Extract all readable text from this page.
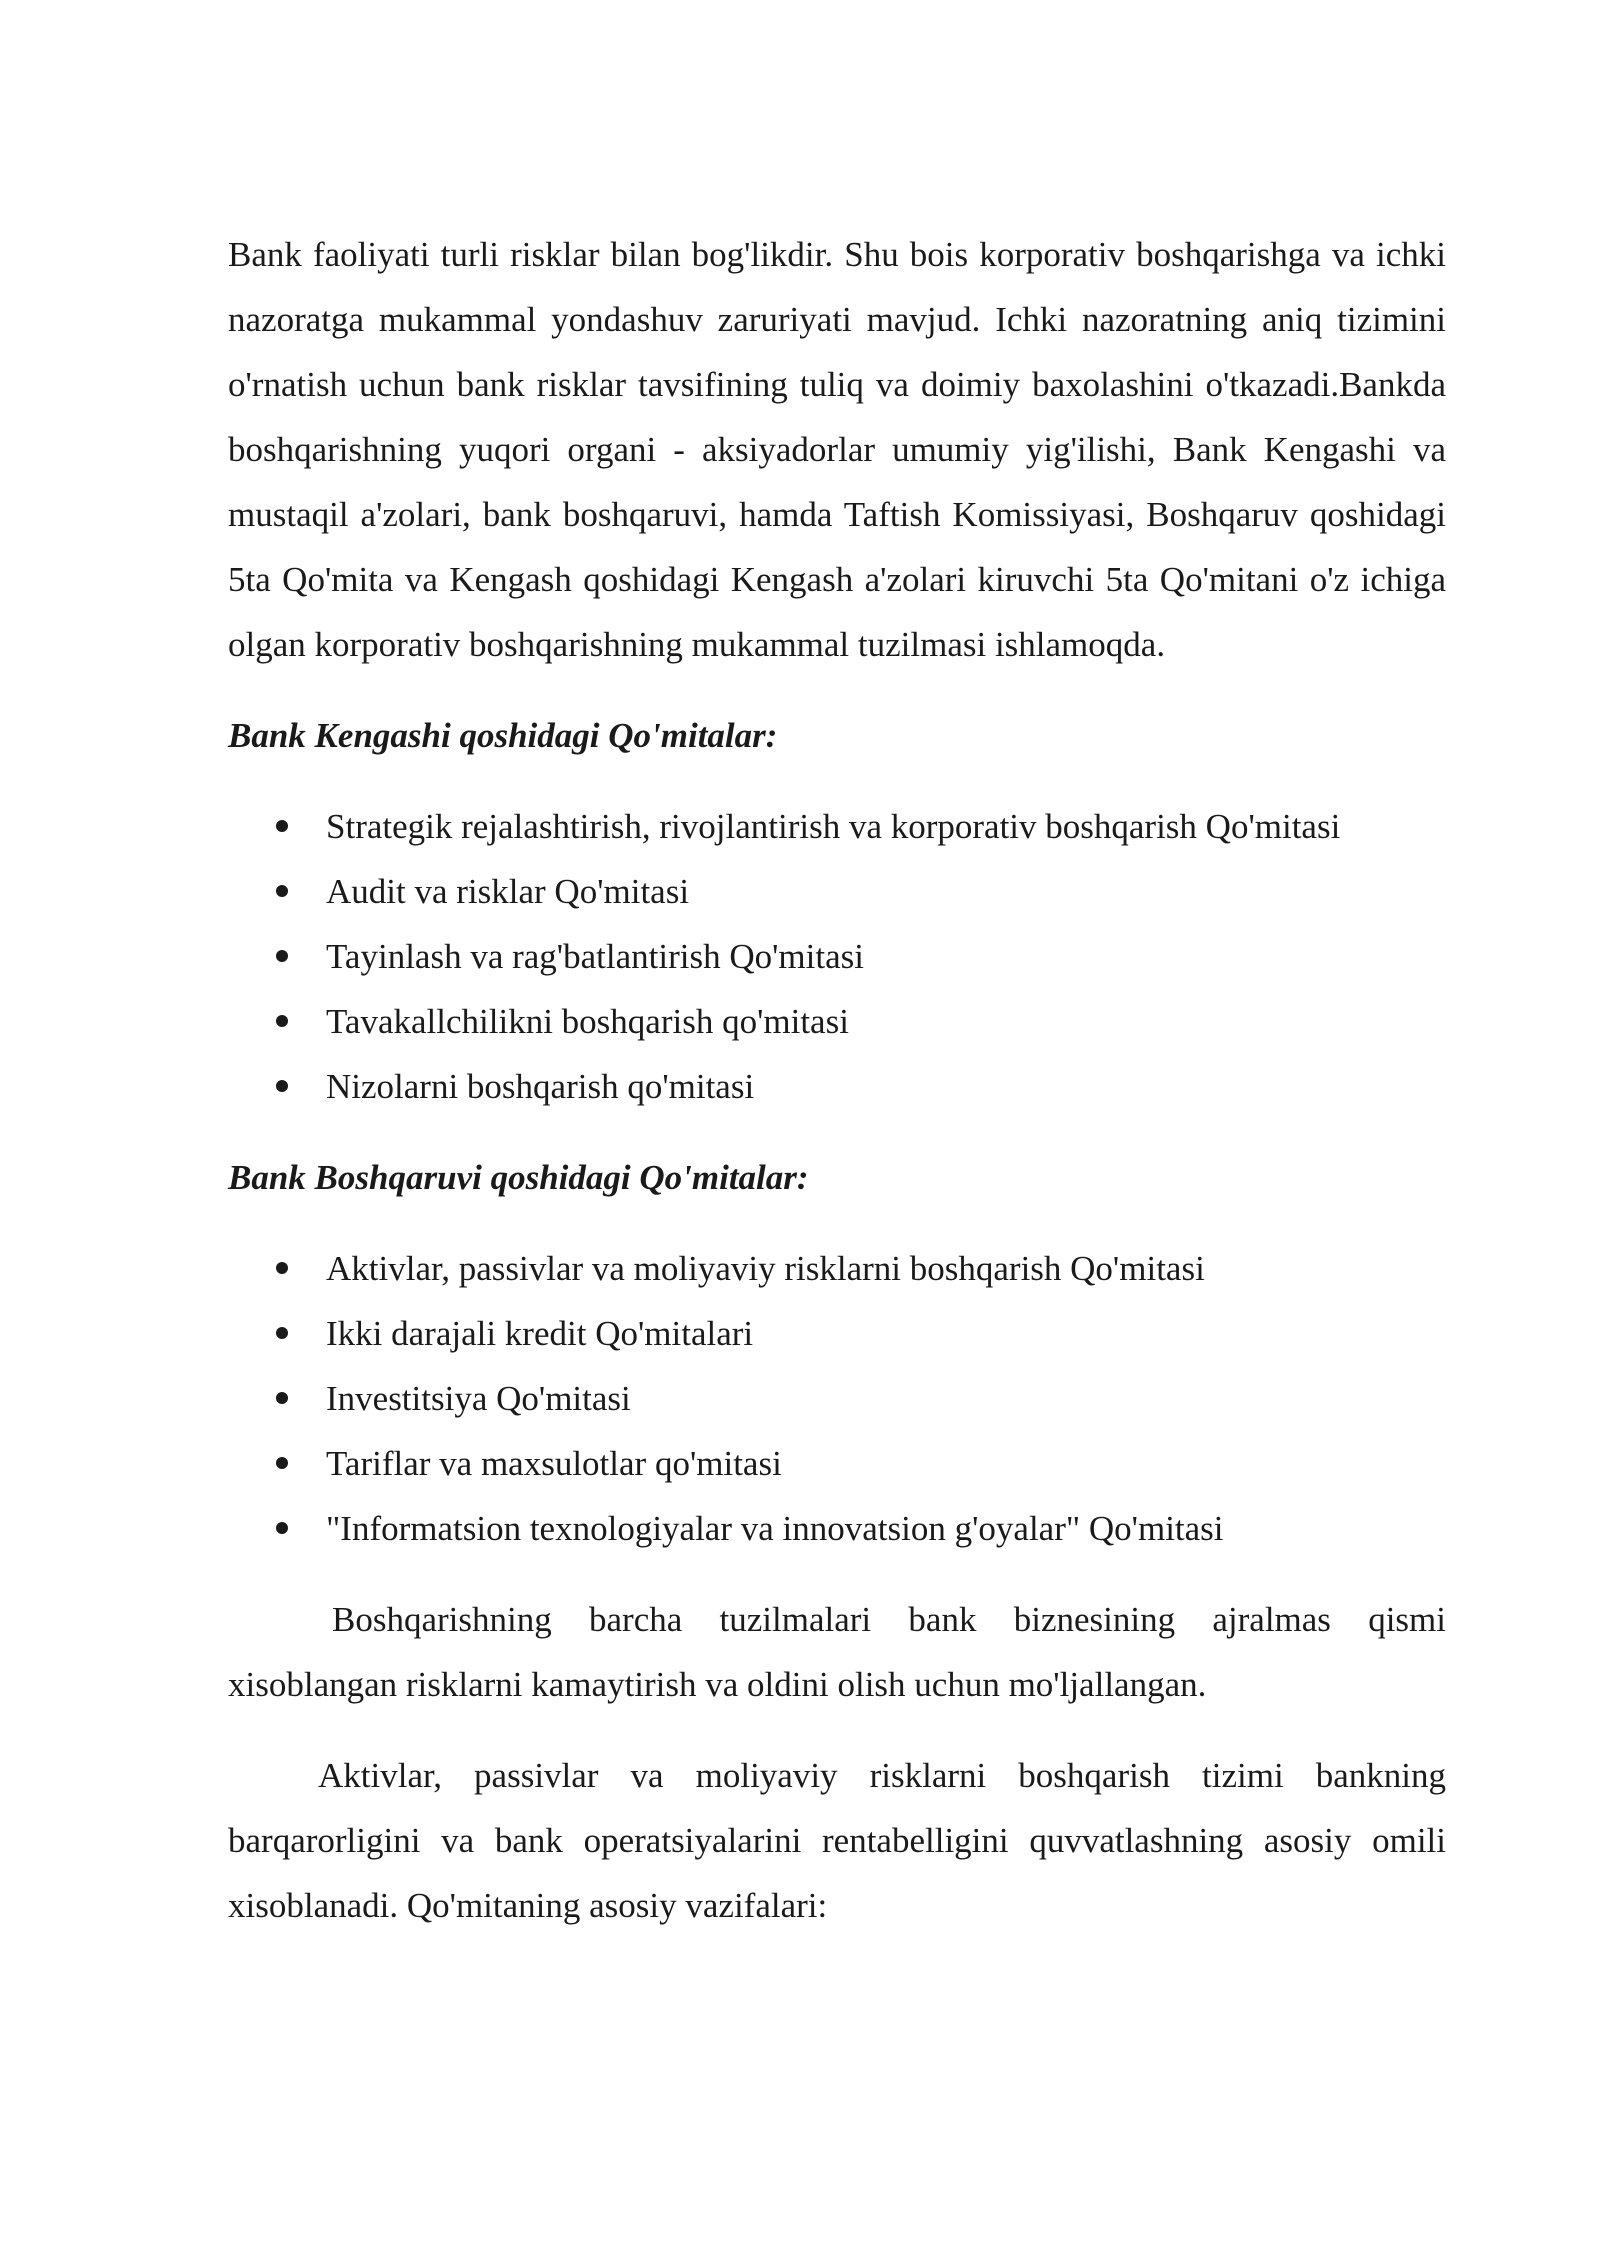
Bank faoliyati turli risklar bilan bog'likdir. Shu bois korporativ boshqarishga va ichki nazoratga mukammal yondashuv zaruriyati mavjud. Ichki nazoratning aniq tizimini o'rnatish uchun bank risklar tavsifining tuliq va doimiy baxolashini o'tkazadi.Bankda boshqarishning yuqori organi - aksiyadorlar umumiy yig'ilishi, Bank Kengashi va mustaqil a'zolari, bank boshqaruvi, hamda Taftish Komissiyasi, Boshqaruv qoshidagi 5ta Qo'mita va Kengash qoshidagi Kengash a'zolari kiruvchi 5ta Qo'mitani o'z ichiga olgan korporativ boshqarishning mukammal tuzilmasi ishlamoqda.

Bank Kengashi qoshidagi Qo'mitalar:

Strategik rejalashtirish, rivojlantirish va korporativ boshqarish Qo'mitasi
Audit va risklar Qo'mitasi
Tayinlash va rag'batlantirish Qo'mitasi
Tavakallchilikni boshqarish qo'mitasi
Nizolarni boshqarish qo'mitasi

Bank Boshqaruvi qoshidagi Qo'mitalar:

Aktivlar, passivlar va moliyaviy risklarni boshqarish Qo'mitasi
Ikki darajali kredit Qo'mitalari
Investitsiya Qo'mitasi
Tariflar va maxsulotlar qo'mitasi
"Informatsion texnologiyalar va innovatsion g'oyalar" Qo'mitasi

Boshqarishning barcha tuzilmalari bank biznesining ajralmas qismi xisoblangan risklarni kamaytirish va oldini olish uchun mo'ljallangan.

Aktivlar, passivlar va moliyaviy risklarni boshqarish tizimi bankning barqarorligini va bank operatsiyalarini rentabelligini quvvatlashning asosiy omili xisoblanadi. Qo'mitaning asosiy vazifalari:
